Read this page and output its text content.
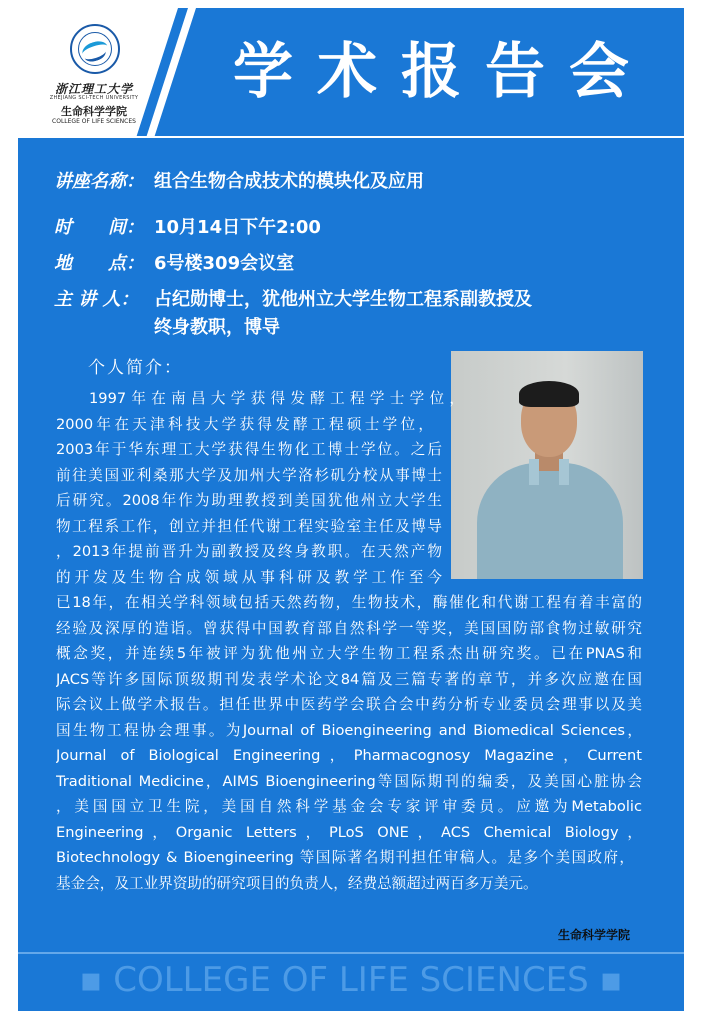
浙江理工大学
ZHEJIANG SCI-TECH UNIVERSITY
生命科学学院
COLLEGE OF LIFE SCIENCES
学术报告会
讲座名称： 组合生物合成技术的模块化及应用
时　　间： 10月14日下午2:00
地　　点： 6号楼309会议室
主 讲 人： 占纪勋博士，犹他州立大学生物工程系副教授及
终身教职，博导
个人简介：
1997年在南昌大学获得发酵工程学士学位，
2000年在天津科技大学获得发酵工程硕士学位，
2003年于华东理工大学获得生物化工博士学位。之后
前往美国亚利桑那大学及加州大学洛杉矶分校从事博士
后研究。2008年作为助理教授到美国犹他州立大学生
物工程系工作，创立并担任代谢工程实验室主任及博导
，2013年提前晋升为副教授及终身教职。在天然产物
的开发及生物合成领域从事科研及教学工作至今
已18年，在相关学科领域包括天然药物，生物技术，酶催化和代谢工程有着丰富的
经验及深厚的造诣。曾获得中国教育部自然科学一等奖，美国国防部食物过敏研究
概念奖，并连续5年被评为犹他州立大学生物工程系杰出研究奖。已在PNAS和
JACS等许多国际顶级期刊发表学术论文84篇及三篇专著的章节，并多次应邀在国
际会议上做学术报告。担任世界中医药学会联合会中药分析专业委员会理事以及美
国生物工程协会理事。为Journal of Bioengineering and Biomedical Sciences，
Journal of Biological Engineering，Pharmacognosy Magazine，Current
Traditional Medicine，AIMS Bioengineering等国际期刊的编委，及美国心脏协会
，美国国立卫生院，美国自然科学基金会专家评审委员。应邀为Metabolic
Engineering，Organic Letters，PLoS ONE，ACS Chemical Biology，
Biotechnology & Bioengineering 等国际著名期刊担任审稿人。是多个美国政府，
基金会，及工业界资助的研究项目的负责人，经费总额超过两百多万美元。
生命科学学院
▪ COLLEGE OF LIFE SCIENCES ▪
